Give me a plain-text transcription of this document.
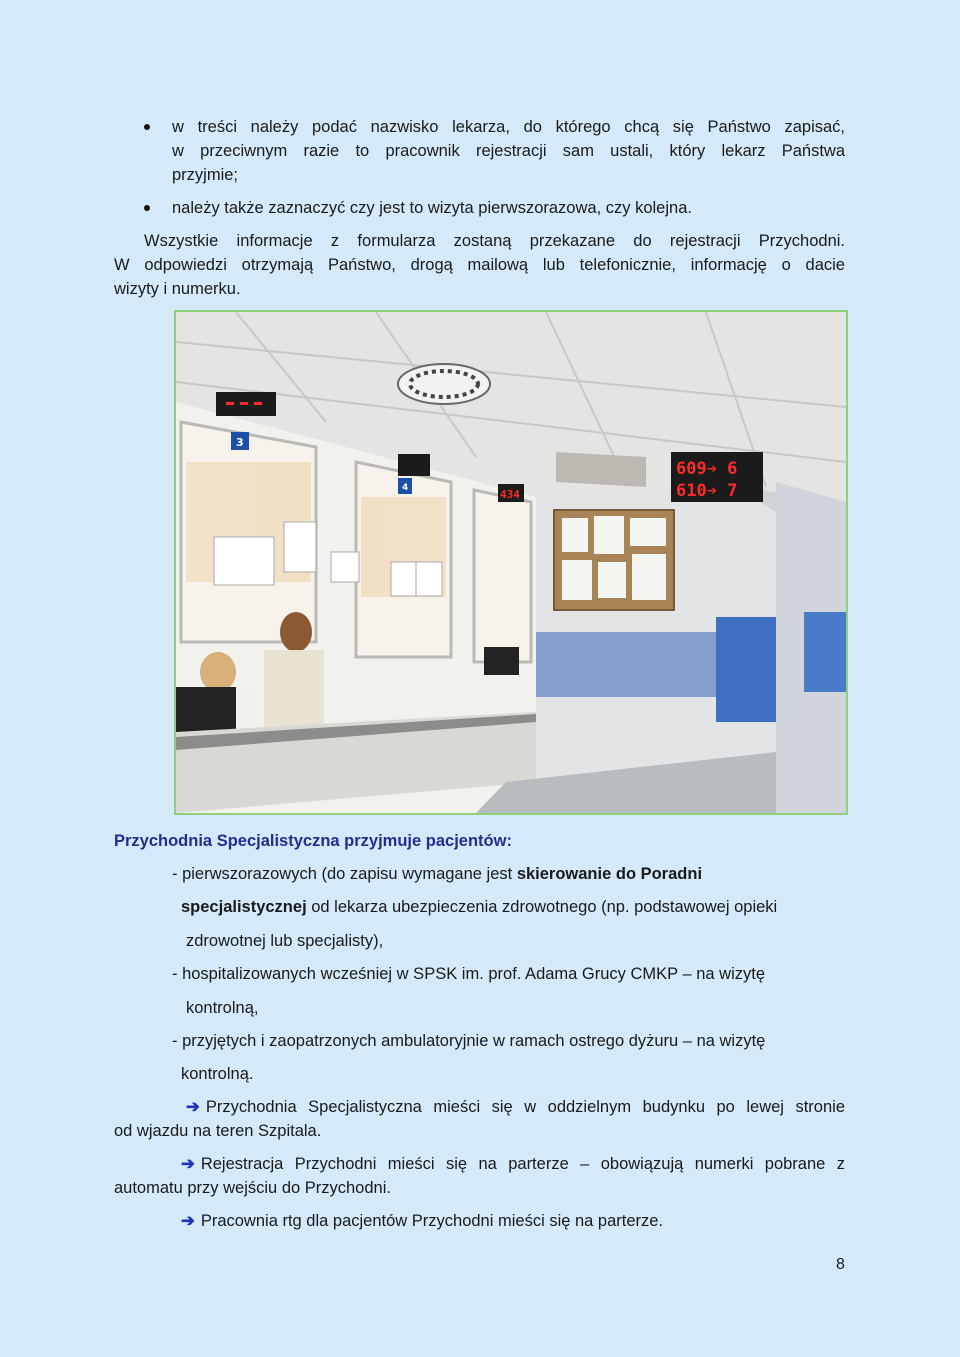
w treści należy podać nazwisko lekarza, do którego chcą się Państwo zapisać,
w przeciwnym razie to pracownik rejestracji sam ustali, który lekarz Państwa
przyjmie;
należy także zaznaczyć czy jest to wizyta pierwszorazowa, czy kolejna.
Wszystkie informacje z formularza zostaną przekazane do rejestracji Przychodni.
W odpowiedzi otrzymają Państwo, drogą mailową lub telefonicznie, informację o dacie
wizyty i numerku.
609➔ 6
610➔ 7
3
4	434
Przychodnia Specjalistyczna przyjmuje pacjentów:
- pierwszorazowych (do zapisu wymagane jest skierowanie do Poradni
specjalistycznej od lekarza ubezpieczenia zdrowotnego (np. podstawowej opieki
zdrowotnej lub specjalisty),
- hospitalizowanych wcześniej w SPSK im. prof. Adama Grucy CMKP – na wizytę
kontrolną,
- przyjętych i zaopatrzonych ambulatoryjnie w ramach ostrego dyżuru – na wizytę
kontrolną.
➔ Przychodnia Specjalistyczna mieści się w oddzielnym budynku po lewej stronie
od wjazdu na teren Szpitala.
➔ Rejestracja Przychodni mieści się na parterze – obowiązują numerki pobrane z
automatu przy wejściu do Przychodni.
➔ Pracownia rtg dla pacjentów Przychodni mieści się na parterze.
8
